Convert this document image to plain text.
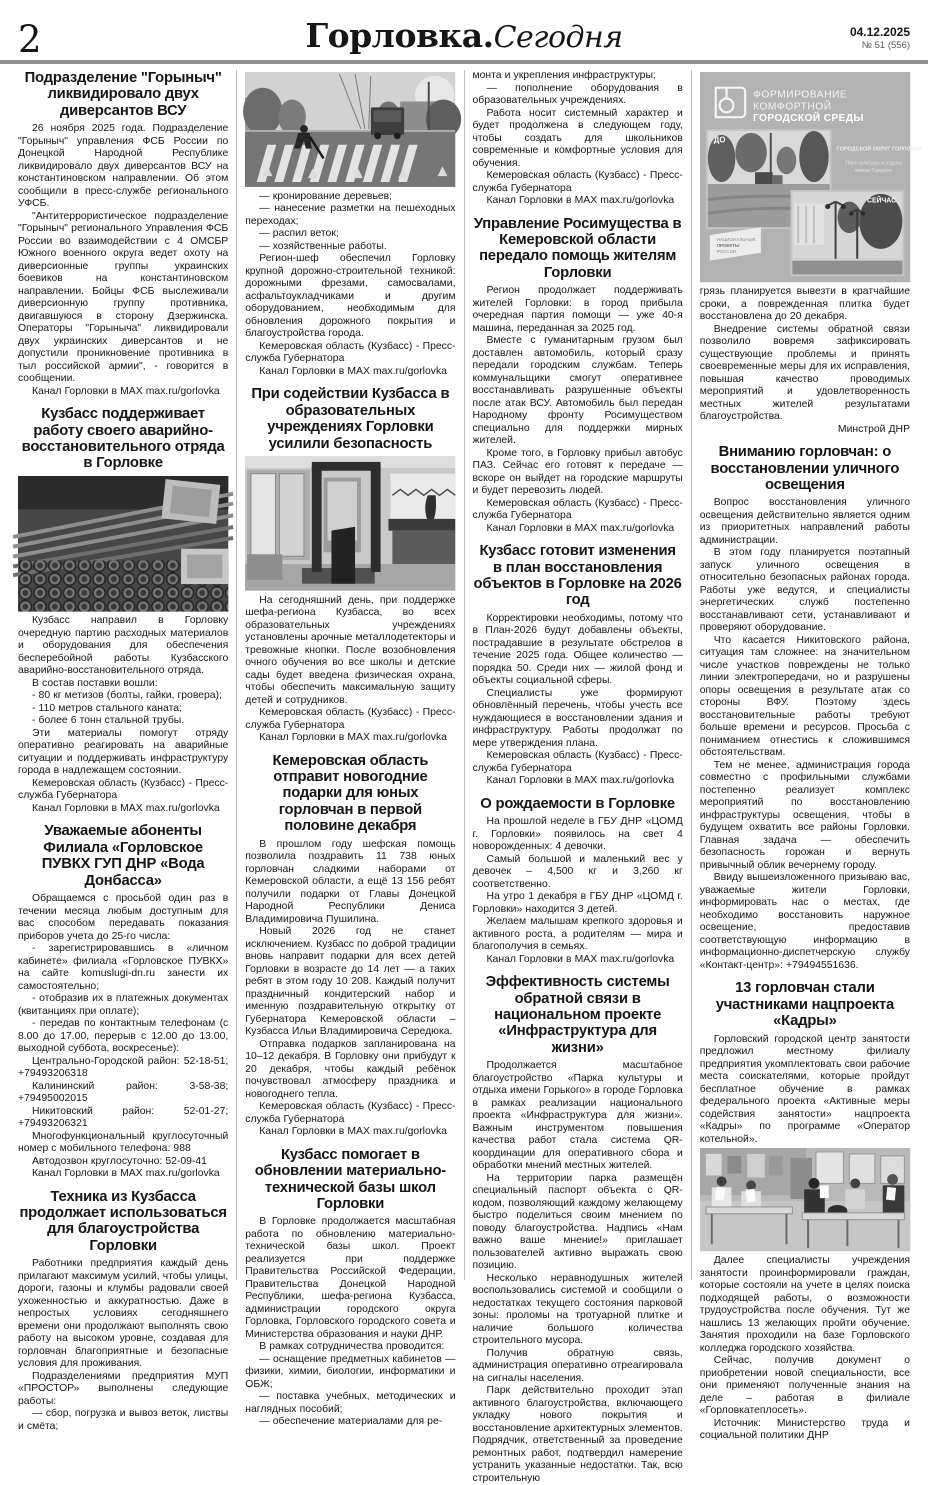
2	Горловка.Сегодня	04.12.2025
№ 51 (556)
Подразделение "Горыныч" ликвидировало двух диверсантов ВСУ

26 ноября 2025 года. Подразделение "Горыныч" управления ФСБ России по Донецкой Народной Республике ликвидировало двух диверсантов ВСУ на константиновском направлении. Об этом сообщили в пресс-службе регионального УФСБ.

"Антитеррористическое подразделение "Горыныч" регионального Управления ФСБ России во взаимодействии с 4 ОМСБР Южного военного округа ведет охоту на диверсионные группы украинских боевиков на константиновском направлении. Бойцы ФСБ выслеживали диверсионную группу противника, двигавшуюся в сторону Дзержинска. Операторы "Горыныча" ликвидировали двух украинских диверсантов и не допустили проникновение противника в тыл российской армии", - говорится в сообщении.

Канал Горловки в MAX max.ru/gorlovka

Кузбасс поддерживает работу своего аварийно-восстановительного отряда в Горловке

Кузбасс направил в Горловку очередную партию расходных материалов и оборудования для обеспечения бесперебойной работы Кузбасского аварийно-восстановительного отряда.

В состав поставки вошли:

- 80 кг метизов (болты, гайки, гровера);

- 110 метров стального каната;

- более 6 тонн стальной трубы.

Эти материалы помогут отряду оперативно реагировать на аварийные ситуации и поддерживать инфраструктуру города в надлежащем состоянии.

Кемеровская область (Кузбасс) - Пресс-служба Губернатора

Канал Горловки в MAX max.ru/gorlovka

Уважаемые абоненты Филиала «Горловское ПУВКХ ГУП ДНР «Вода Донбасса»

Обращаемся с просьбой один раз в течении месяца любым доступным для вас способом передавать показания приборов учета до 25-го числа:

- зарегистрировавшись в «личном кабинете» филиала «Горловское ПУВКХ» на сайте komuslugi-dn.ru занести их самостоятельно;

- отобразив их в платежных документах (квитанциях при оплате);

- передав по контактным телефонам (с 8.00 до 17.00, перерыв с 12.00 до 13.00, выходной суббота, воскресенье):

Центрально-Городской район: 52-18-51; +79493206318

Калининский район: 3-58-38; +79495002015

Никитовский район: 52-01-27; +79493206321

Многофункциональный круглосуточный номер с мобильного телефона: 988

Автодозвон круглосуточно: 52-09-41

Канал Горловки в MAX max.ru/gorlovka

Техника из Кузбасса продолжает использоваться для благоустройства Горловки

Работники предприятия каждый день прилагают максимум усилий, чтобы улицы, дороги, газоны и клумбы радовали своей ухоженностью и аккуратностью. Даже в непростых условиях сегодняшнего времени они продолжают выполнять свою работу на высоком уровне, создавая для горловчан благоприятные и безопасные условия для проживания.

Подразделениями предприятия МУП «ПРОСТОР» выполнены следующие работы:

— сбор, погрузка и вывоз веток, листвы и смёта;

— кронирование деревьев;

— нанесение разметки на пешеходных переходах;

— распил веток;

— хозяйственные работы.

Регион-шеф обеспечил Горловку крупной дорожно-строительной техникой: дорожными фрезами, самосвалами, асфальтоукладчиками и другим оборудованием, необходимым для обновления дорожного покрытия и благоустройства города.

Кемеровская область (Кузбасс) - Пресс-служба Губернатора

Канал Горловки в MAX max.ru/gorlovka

При содействии Кузбасса в образовательных учреждениях Горловки усилили безопасность

На сегодняшний день, при поддержке шефа-региона Кузбасса, во всех образовательных учреждениях установлены арочные металлодетекторы и тревожные кнопки. После возобновления очного обучения во все школы и детские сады будет введена физическая охрана, чтобы обеспечить максимальную защиту детей и сотрудников.

Кемеровская область (Кузбасс) - Пресс-служба Губернатора

Канал Горловки в MAX max.ru/gorlovka

Кемеровская область отправит новогодние подарки для юных горловчан в первой половине декабря

В прошлом году шефская помощь позволила поздравить 11 738 юных горловчан сладкими наборами от Кемеровской области, а ещё 13 156 ребят получили подарки от Главы Донецкой Народной Республики Дениса Владимировича Пушилина.

Новый 2026 год не станет исключением. Кузбасс по доброй традиции вновь направит подарки для всех детей Горловки в возрасте до 14 лет — а таких ребят в этом году 10 208. Каждый получит праздничный кондитерский набор и именную поздравительную открытку от Губернатора Кемеровской области – Кузбасса Ильи Владимировича Середюка.

Отправка подарков запланирована на 10–12 декабря. В Горловку они прибудут к 20 декабря, чтобы каждый ребёнок почувствовал атмосферу праздника и новогоднего тепла.

Кемеровская область (Кузбасс) - Пресс-служба Губернатора

Канал Горловки в MAX max.ru/gorlovka

Кузбасс помогает в обновлении материально-технической базы школ Горловки

В Горловке продолжается масштабная работа по обновлению материально-технической базы школ. Проект реализуется при поддержке Правительства Российской Федерации, Правительства Донецкой Народной Республики, шефа-региона Кузбасса, администрации городского округа Горловка, Горловского городского совета и Министерства образования и науки ДНР.

В рамках сотрудничества проводится:

— оснащение предметных кабинетов — физики, химии, биологии, информатики и ОБЖ;

— поставка учебных, методических и наглядных пособий;

— обеспечение материалами для ре-

монта и укрепления инфраструктуры;

— пополнение оборудования в образовательных учреждениях.

Работа носит системный характер и будет продолжена в следующем году, чтобы создать для школьников современные и комфортные условия для обучения.

Кемеровская область (Кузбасс) - Пресс-служба Губернатора

Канал Горловки в MAX max.ru/gorlovka

Управление Росимущества в Кемеровской области передало помощь жителям Горловки

Регион продолжает поддерживать жителей Горловки: в город прибыла очередная партия помощи — уже 40-я машина, переданная за 2025 год.

Вместе с гуманитарным грузом был доставлен автомобиль, который сразу передали городским службам. Теперь коммунальщики смогут оперативнее восстанавливать разрушенные объекты после атак ВСУ. Автомобиль был передан Народному фронту Росимуществом специально для поддержки мирных жителей.

Кроме того, в Горловку прибыл автобус ПАЗ. Сейчас его готовят к передаче — вскоре он выйдет на городские маршруты и будет перевозить людей.

Кемеровская область (Кузбасс) - Пресс-служба Губернатора

Канал Горловки в MAX max.ru/gorlovka

Кузбасс готовит изменения в план восстановления объектов в Горловке на 2026 год

Корректировки необходимы, потому что в План-2026 будут добавлены объекты, пострадавшие в результате обстрелов в течение 2025 года. Общее количество — порядка 50. Среди них — жилой фонд и объекты социальной сферы.

Специалисты уже формируют обновлённый перечень, чтобы учесть все нуждающиеся в восстановлении здания и инфраструктуру. Работы продолжат по мере утверждения плана.

Кемеровская область (Кузбасс) - Пресс-служба Губернатора

Канал Горловки в MAX max.ru/gorlovka

О рождаемости в Горловке

На прошлой неделе в ГБУ ДНР «ЦОМД г. Горловки» появилось на свет 4 новорожденных: 4 девочки.

Самый большой и маленький вес у девочек – 4,500 кг и 3,260 кг соответственно.

На утро 1 декабря в ГБУ ДНР «ЦОМД г. Горловки» находится 3 детей.

Желаем малышам крепкого здоровья и активного роста, а родителям — мира и благополучия в семьях.

Канал Горловки в MAX max.ru/gorlovka

Эффективность системы обратной связи в национальном проекте «Инфраструктура для жизни»

Продолжается масштабное благоустройство «Парка культуры и отдыха имени Горького» в городе Горловка в рамках реализации национального проекта «Инфраструктура для жизни». Важным инструментом повышения качества работ стала система QR-координации для оперативного сбора и обработки мнений местных жителей.

На территории парка размещён специальный паспорт объекта с QR-кодом, позволяющий каждому желающему быстро поделиться своим мнением по поводу благоустройства. Надпись «Нам важно ваше мнение!» приглашает пользователей активно выражать свою позицию.

Несколько неравнодушных жителей воспользовались системой и сообщили о недостатках текущего состояния парковой зоны: проломы на тротуарной плитке и наличие большого количества строительного мусора.

Получив обратную связь, администрация оперативно отреагировала на сигналы населения.

Парк действительно проходит этап активного благоустройства, включающего укладку нового покрытия и восстановление архитектурных элементов. Подрядчик, ответственный за проведение ремонтных работ, подтвердил намерение устранить указанные недостатки. Так, всю строительную

ФОРМИРОВАНИЕ
КОМФОРТНОЙ
ГОРОДСКОЙ СРЕДЫ
ДО
ГОРОДСКОЙ ОКРУГ ГОРЛОВКА
Парк культуры и отдыха
имени Горького
НАЦИОНАЛЬНЫЕ
ПРОЕКТЫ
РОССИИ
СЕЙЧАС

грязь планируется вывезти в кратчайшие сроки, а поврежденная плитка будет восстановлена до 20 декабря.

Внедрение системы обратной связи позволило вовремя зафиксировать существующие проблемы и принять своевременные меры для их исправления, повышая качество проводимых мероприятий и удовлетворенность местных жителей результатами благоустройства.

Минстрой ДНР

Вниманию горловчан: о восстановлении уличного освещения

Вопрос восстановления уличного освещения действительно является одним из приоритетных направлений работы администрации.

В этом году планируется поэтапный запуск уличного освещения в относительно безопасных районах города. Работы уже ведутся, и специалисты энергетических служб постепенно восстанавливают сети, устанавливают и проверяют оборудование.

Что касается Никитовского района, ситуация там сложнее: на значительном числе участков повреждены не только линии электропередачи, но и разрушены опоры освещения в результате атак со стороны ВФУ. Поэтому здесь восстановительные работы требуют больше времени и ресурсов. Просьба с пониманием отнестись к сложившимся обстоятельствам.

Тем не менее, администрация города совместно с профильными службами постепенно реализует комплекс мероприятий по восстановлению инфраструктуры освещения, чтобы в будущем охватить все районы Горловки. Главная задача — обеспечить безопасность горожан и вернуть привычный облик вечернему городу.

Ввиду вышеизложенного призываю вас, уважаемые жители Горловки, информировать нас о местах, где необходимо восстановить наружное освещение, предоставив соответствующую информацию в информационно-диспетчерскую службу «Контакт-центр»: +79494551636.

13 горловчан стали участниками нацпроекта «Кадры»

Горловский городской центр занятости предложил местному филиалу предприятия укомплектовать свои рабочие места соискателями, которые пройдут бесплатное обучение в рамках федерального проекта «Активные меры содействия занятости» нацпроекта «Кадры» по программе «Оператор котельной».

Далее специалисты учреждения занятости проинформировали граждан, которые состояли на учете в целях поиска подходящей работы, о возможности трудоустройства после обучения. Тут же нашлись 13 желающих пройти обучение. Занятия проходили на базе Горловского колледжа городского хозяйства.

Сейчас, получив документ о приобретении новой специальности, все они применяют полученные знания на деле – работая в филиале «Горловкатеплосеть».

Источник: Министерство труда и социальной политики ДНР
